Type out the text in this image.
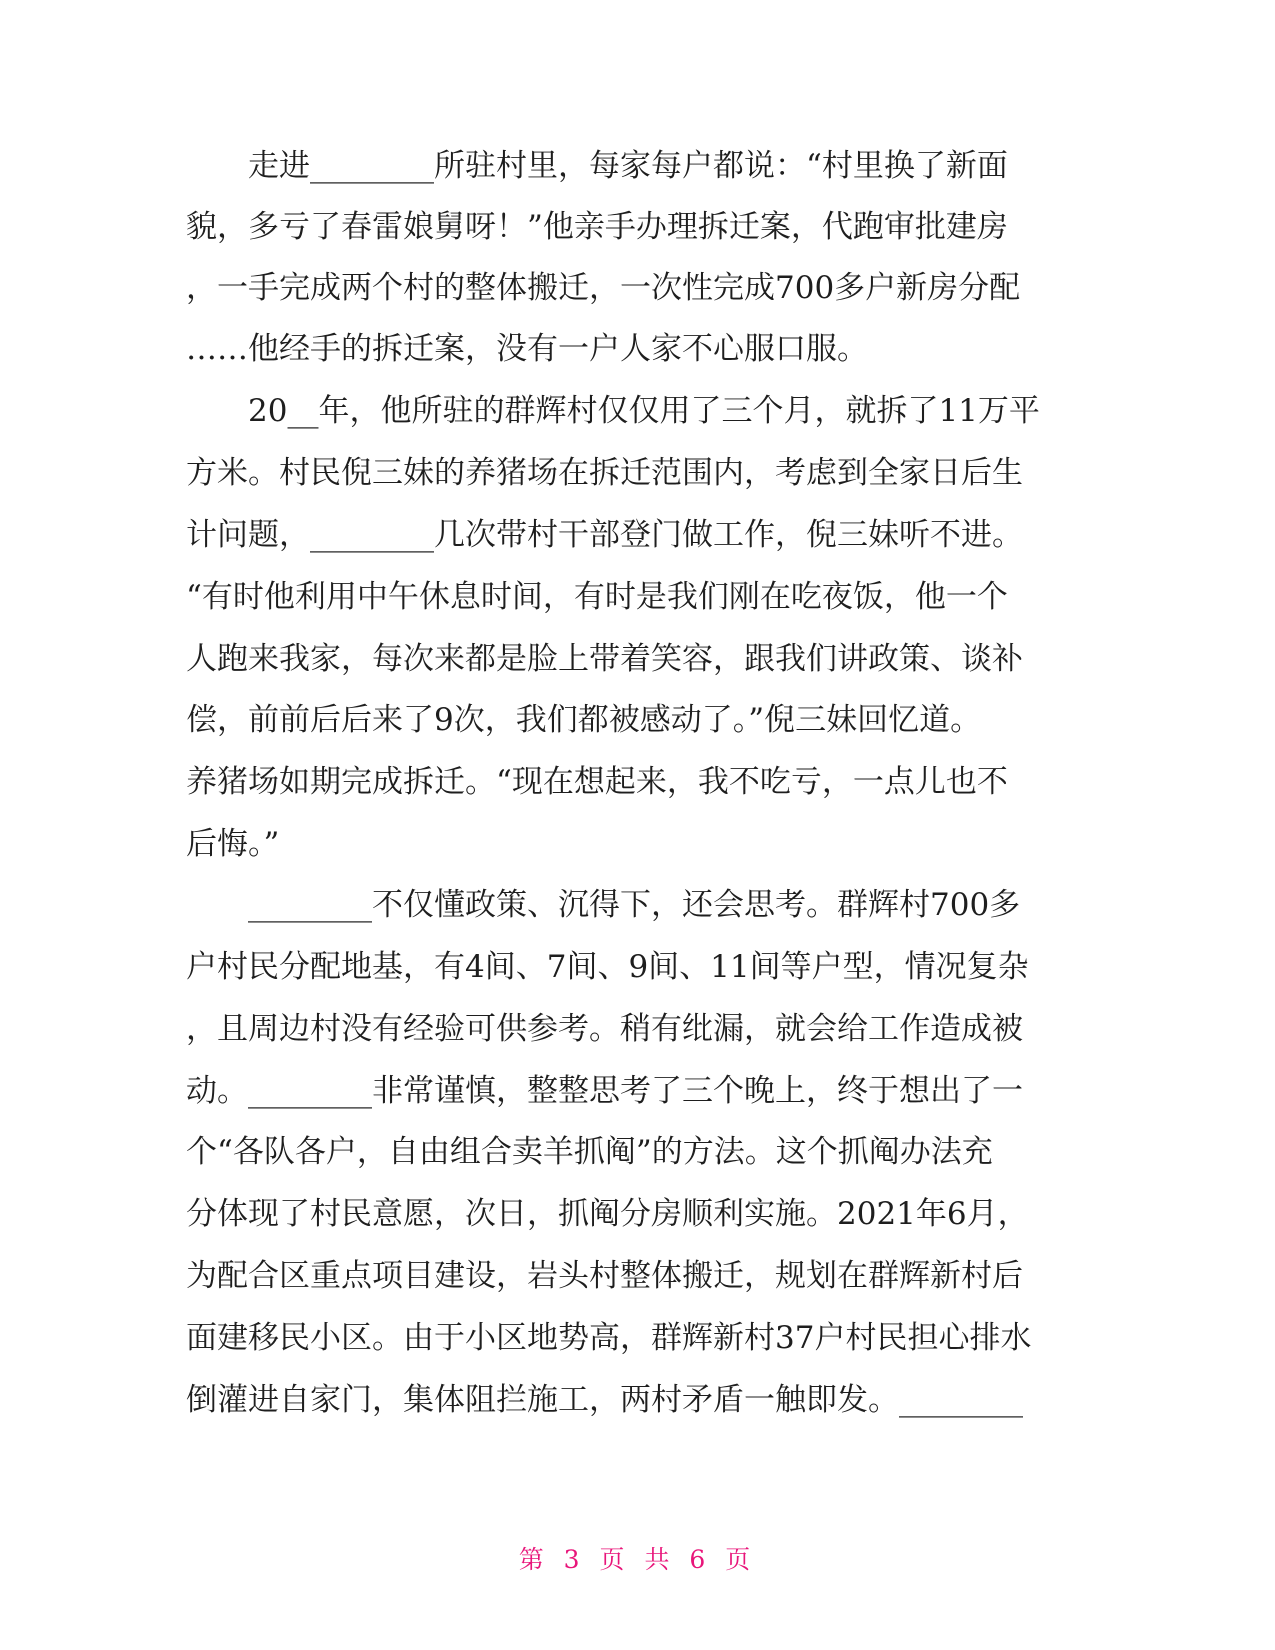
走进________所驻村里，每家每户都说：“村里换了新面
貌，多亏了春雷娘舅呀！”他亲手办理拆迁案，代跑审批建房
，一手完成两个村的整体搬迁，一次性完成700多户新房分配
……他经手的拆迁案，没有一户人家不心服口服。
20__年，他所驻的群辉村仅仅用了三个月，就拆了11万平
方米。村民倪三妹的养猪场在拆迁范围内，考虑到全家日后生
计问题，________几次带村干部登门做工作，倪三妹听不进。
“有时他利用中午休息时间，有时是我们刚在吃夜饭，他一个
人跑来我家，每次来都是脸上带着笑容，跟我们讲政策、谈补
偿，前前后后来了9次，我们都被感动了。”倪三妹回忆道。
养猪场如期完成拆迁。“现在想起来，我不吃亏，一点儿也不
后悔。”
________不仅懂政策、沉得下，还会思考。群辉村700多
户村民分配地基，有4间、7间、9间、11间等户型，情况复杂
，且周边村没有经验可供参考。稍有纰漏，就会给工作造成被
动。________非常谨慎，整整思考了三个晚上，终于想出了一
个“各队各户，自由组合卖羊抓阄”的方法。这个抓阄办法充
分体现了村民意愿，次日，抓阄分房顺利实施。2021年6月，
为配合区重点项目建设，岩头村整体搬迁，规划在群辉新村后
面建移民小区。由于小区地势高，群辉新村37户村民担心排水
倒灌进自家门，集体阻拦施工，两村矛盾一触即发。________
第 3 页 共 6 页
